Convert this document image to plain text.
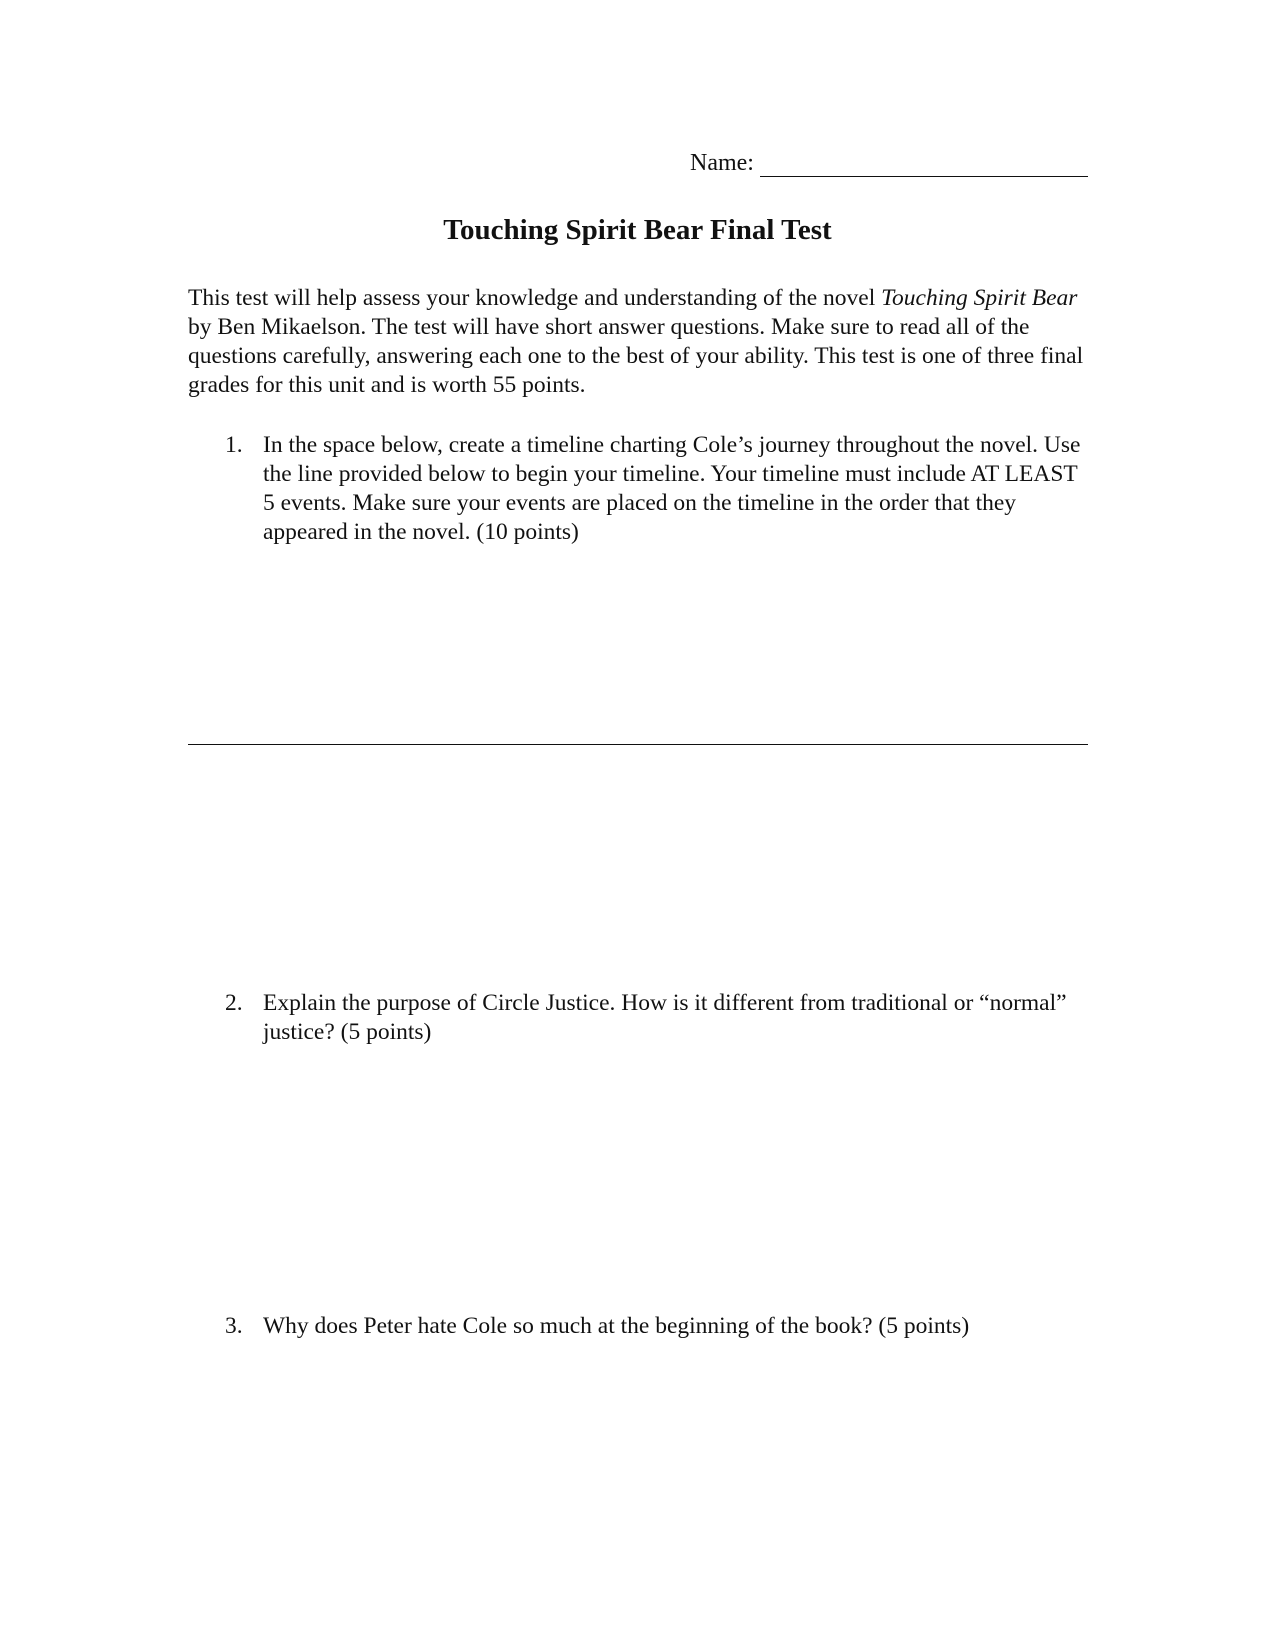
Name:
Touching Spirit Bear Final Test

This test will help assess your knowledge and understanding of the novel Touching Spirit Bear by Ben Mikaelson. The test will have short answer questions. Make sure to read all of the questions carefully, answering each one to the best of your ability. This test is one of three final grades for this unit and is worth 55 points.

1. In the space below, create a timeline charting Cole’s journey throughout the novel. Use the line provided below to begin your timeline. Your timeline must include AT LEAST 5 events. Make sure your events are placed on the timeline in the order that they appeared in the novel. (10 points)
2. Explain the purpose of Circle Justice. How is it different from traditional or “normal” justice? (5 points)
3. Why does Peter hate Cole so much at the beginning of the book? (5 points)
